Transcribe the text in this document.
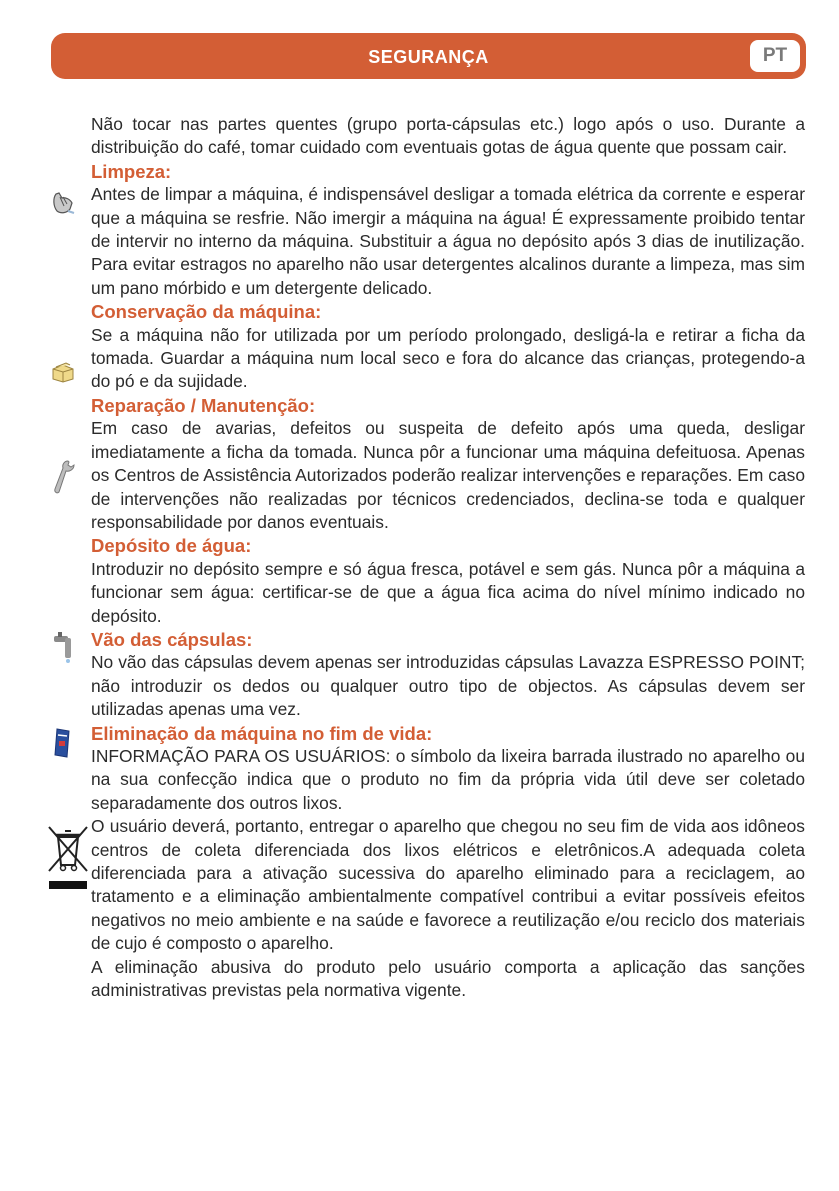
SEGURANÇA	PT

Não tocar nas partes quentes (grupo porta-cápsulas etc.) logo após o uso. Durante a distribuição do café, tomar cuidado com eventuais gotas de água quente que possam cair.

Limpeza:

Antes de limpar a máquina, é indispensável desligar a tomada elétrica da corrente e esperar que a máquina se resfrie. Não imergir a máquina na água! É expressamente proibido tentar de intervir no interno da máquina. Substituir a água no depósito após 3 dias de inutilização. Para evitar estragos no aparelho não usar detergentes alcalinos durante a limpeza, mas sim um pano mórbido e um detergente delicado.

Conservação da máquina:

Se a máquina não for utilizada por um período prolongado, desligá-la e retirar a ficha da tomada. Guardar a máquina num local seco e fora do alcance das crianças, protegendo-a do pó e da sujidade.

Reparação / Manutenção:

Em caso de avarias, defeitos ou suspeita de defeito após uma queda, desligar imediatamente a ficha da tomada. Nunca pôr a funcionar uma máquina defeituosa. Apenas os Centros de Assistência Autorizados poderão realizar intervenções e reparações. Em caso de intervenções não realizadas por técnicos credenciados, declina-se toda e qualquer responsabilidade por danos eventuais.

Depósito de água:

Introduzir no depósito sempre e só água fresca, potável e sem gás. Nunca pôr a máquina a funcionar sem água: certificar-se de que a água fica acima do nível mínimo indicado no depósito.

Vão das cápsulas:

No vão das cápsulas devem apenas ser introduzidas cápsulas Lavazza ESPRESSO POINT; não introduzir os dedos ou qualquer outro tipo de objectos. As cápsulas devem ser utilizadas apenas uma vez.

Eliminação da máquina no fim de vida:

INFORMAÇÃO PARA OS USUÁRIOS: o símbolo da lixeira barrada ilustrado no aparelho ou na sua confecção indica que o produto no fim da própria vida útil deve ser coletado separadamente dos outros lixos.

O usuário deverá, portanto, entregar o aparelho que chegou no seu fim de vida aos idôneos centros de coleta diferenciada dos lixos elétricos e eletrônicos.A adequada coleta diferenciada para a ativação sucessiva do aparelho eliminado para a reciclagem, ao tratamento e a eliminação ambientalmente compatível contribui a evitar possíveis efeitos negativos no meio ambiente e na saúde e favorece a reutilização e/ou reciclo dos materiais de cujo é composto o aparelho.

A eliminação abusiva do produto pelo usuário comporta a aplicação das sanções administrativas previstas pela normativa vigente.
